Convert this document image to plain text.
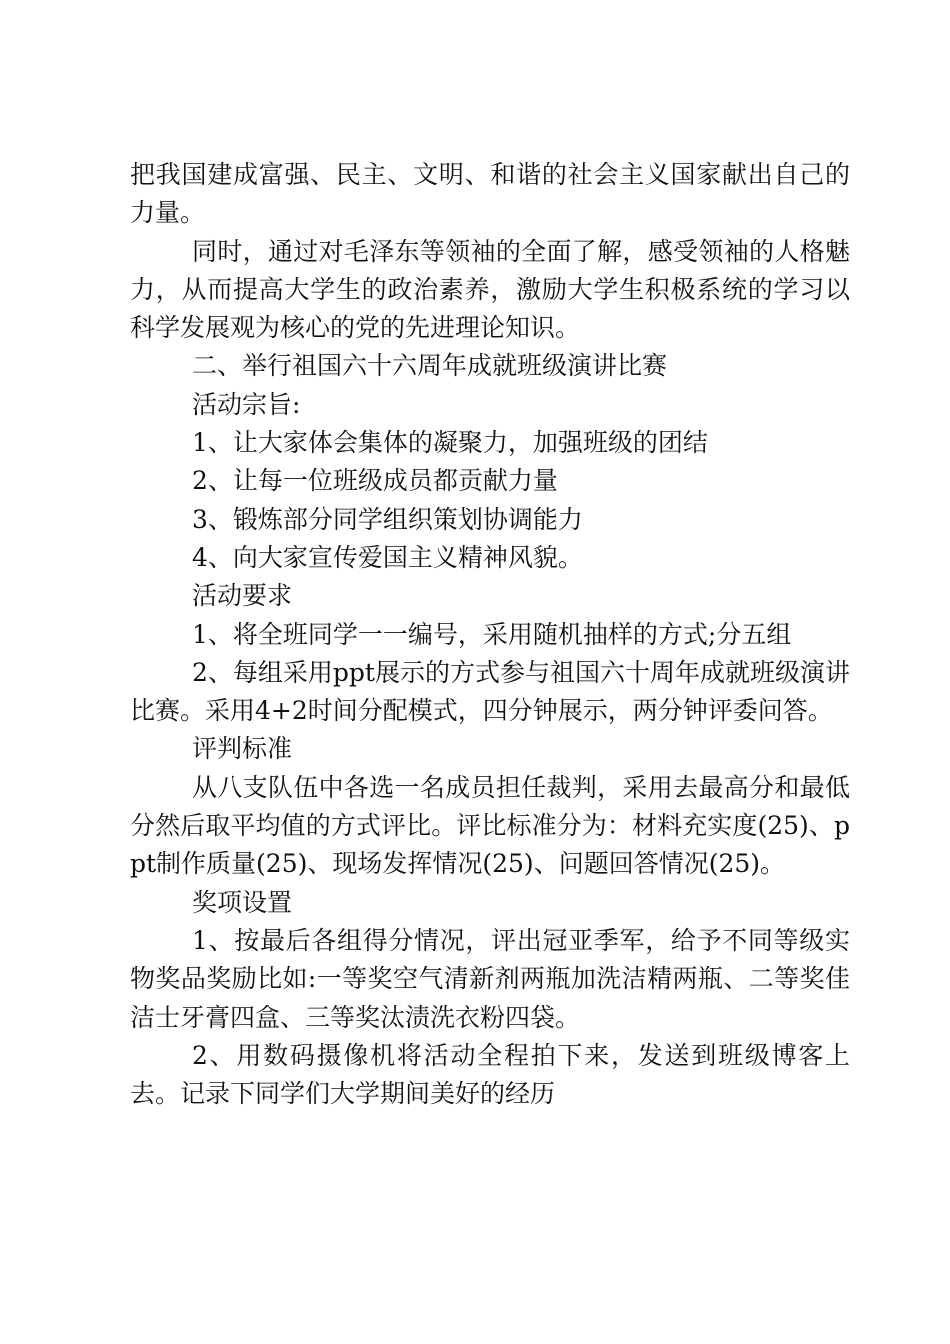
把我国建成富强、民主、文明、和谐的社会主义国家献出自己的力量。

同时，通过对毛泽东等领袖的全面了解，感受领袖的人格魅力，从而提高大学生的政治素养，激励大学生积极系统的学习以科学发展观为核心的党的先进理论知识。

二、举行祖国六十六周年成就班级演讲比赛

活动宗旨:

1、让大家体会集体的凝聚力，加强班级的团结

2、让每一位班级成员都贡献力量

3、锻炼部分同学组织策划协调能力

4、向大家宣传爱国主义精神风貌。

活动要求

1、将全班同学一一编号，采用随机抽样的方式;分五组

2、每组采用ppt展示的方式参与祖国六十周年成就班级演讲比赛。采用4+2时间分配模式，四分钟展示，两分钟评委问答。

评判标准

从八支队伍中各选一名成员担任裁判，采用去最高分和最低分然后取平均值的方式评比。评比标准分为：材料充实度(25)、ppt制作质量(25)、现场发挥情况(25)、问题回答情况(25)。

奖项设置

1、按最后各组得分情况，评出冠亚季军，给予不同等级实物奖品奖励比如:一等奖空气清新剂两瓶加洗洁精两瓶、二等奖佳洁士牙膏四盒、三等奖汰渍洗衣粉四袋。

2、用数码摄像机将活动全程拍下来，发送到班级博客上去。记录下同学们大学期间美好的经历
